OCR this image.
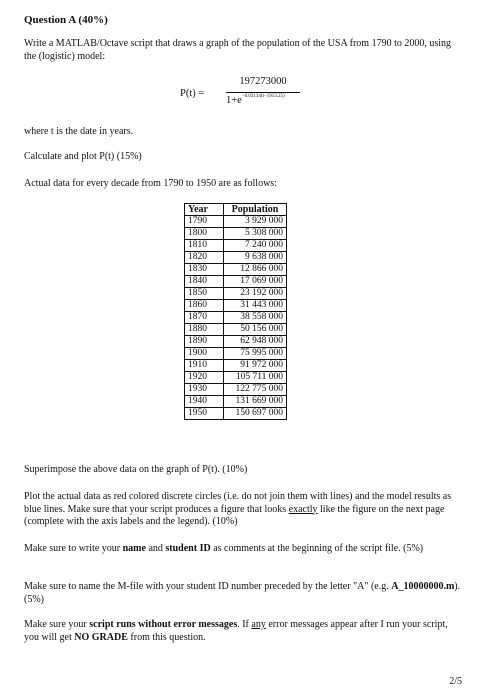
Question A (40%)
Write a MATLAB/Octave script that draws a graph of the population of the USA from 1790 to 2000, using the (logistic) model:
P(t) =
197273000
$1+e^{-0.03134(t-1913.25)}$
where t is the date in years.
Calculate and plot P(t) (15%)
Actual data for every decade from 1790 to 1950 are as follows:
Year	Population
1790	3 929 000
1800	5 308 000
1810	7 240 000
1820	9 638 000
1830	12 866 000
1840	17 069 000
1850	23 192 000
1860	31 443 000
1870	38 558 000
1880	50 156 000
1890	62 948 000
1900	75 995 000
1910	91 972 000
1920	105 711 000
1930	122 775 000
1940	131 669 000
1950	150 697 000
Superimpose the above data on the graph of P(t). (10%)
Plot the actual data as red colored discrete circles (i.e. do not join them with lines) and the model results as blue lines. Make sure that your script produces a figure that looks exactly like the figure on the next page (complete with the axis labels and the legend). (10%)
Make sure to write your name and student ID as comments at the beginning of the script file. (5%)
Make sure to name the M-file with your student ID number preceded by the letter "A" (e.g. A_10000000.m). (5%)
Make sure your script runs without error messages. If any error messages appear after I run your script, you will get NO GRADE from this question.
2/5
